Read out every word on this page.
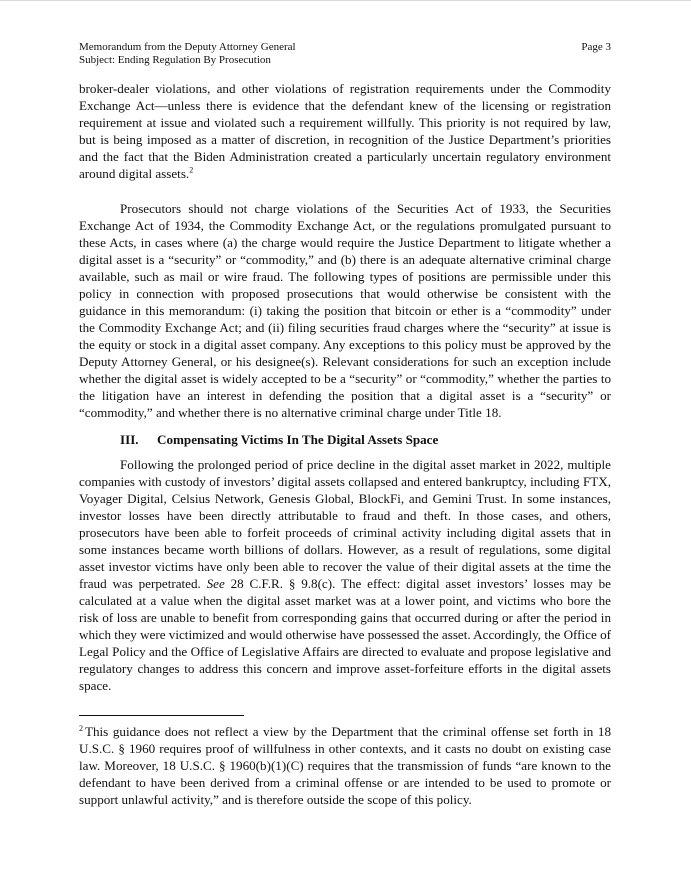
Memorandum from the Deputy Attorney General
Subject: Ending Regulation By Prosecution
Page 3

broker-dealer violations, and other violations of registration requirements under the Commodity Exchange Act—unless there is evidence that the defendant knew of the licensing or registration requirement at issue and violated such a requirement willfully. This priority is not required by law, but is being imposed as a matter of discretion, in recognition of the Justice Department’s priorities and the fact that the Biden Administration created a particularly uncertain regulatory environment around digital assets.$^2$

Prosecutors should not charge violations of the Securities Act of 1933, the Securities Exchange Act of 1934, the Commodity Exchange Act, or the regulations promulgated pursuant to these Acts, in cases where (a) the charge would require the Justice Department to litigate whether a digital asset is a “security” or “commodity,” and (b) there is an adequate alternative criminal charge available, such as mail or wire fraud. The following types of positions are permissible under this policy in connection with proposed prosecutions that would otherwise be consistent with the guidance in this memorandum: (i) taking the position that bitcoin or ether is a “commodity” under the Commodity Exchange Act; and (ii) filing securities fraud charges where the “security” at issue is the equity or stock in a digital asset company. Any exceptions to this policy must be approved by the Deputy Attorney General, or his designee(s). Relevant considerations for such an exception include whether the digital asset is widely accepted to be a “security” or “commodity,” whether the parties to the litigation have an interest in defending the position that a digital asset is a “security” or “commodity,” and whether there is no alternative criminal charge under Title 18.

III. Compensating Victims In The Digital Assets Space

Following the prolonged period of price decline in the digital asset market in 2022, multiple companies with custody of investors’ digital assets collapsed and entered bankruptcy, including FTX, Voyager Digital, Celsius Network, Genesis Global, BlockFi, and Gemini Trust. In some instances, investor losses have been directly attributable to fraud and theft. In those cases, and others, prosecutors have been able to forfeit proceeds of criminal activity including digital assets that in some instances became worth billions of dollars. However, as a result of regulations, some digital asset investor victims have only been able to recover the value of their digital assets at the time the fraud was perpetrated. See 28 C.F.R. § 9.8(c). The effect: digital asset investors’ losses may be calculated at a value when the digital asset market was at a lower point, and victims who bore the risk of loss are unable to benefit from corresponding gains that occurred during or after the period in which they were victimized and would otherwise have possessed the asset. Accordingly, the Office of Legal Policy and the Office of Legislative Affairs are directed to evaluate and propose legislative and regulatory changes to address this concern and improve asset-forfeiture efforts in the digital assets space.

$^2$ This guidance does not reflect a view by the Department that the criminal offense set forth in 18 U.S.C. § 1960 requires proof of willfulness in other contexts, and it casts no doubt on existing case law. Moreover, 18 U.S.C. § 1960(b)(1)(C) requires that the transmission of funds “are known to the defendant to have been derived from a criminal offense or are intended to be used to promote or support unlawful activity,” and is therefore outside the scope of this policy.
